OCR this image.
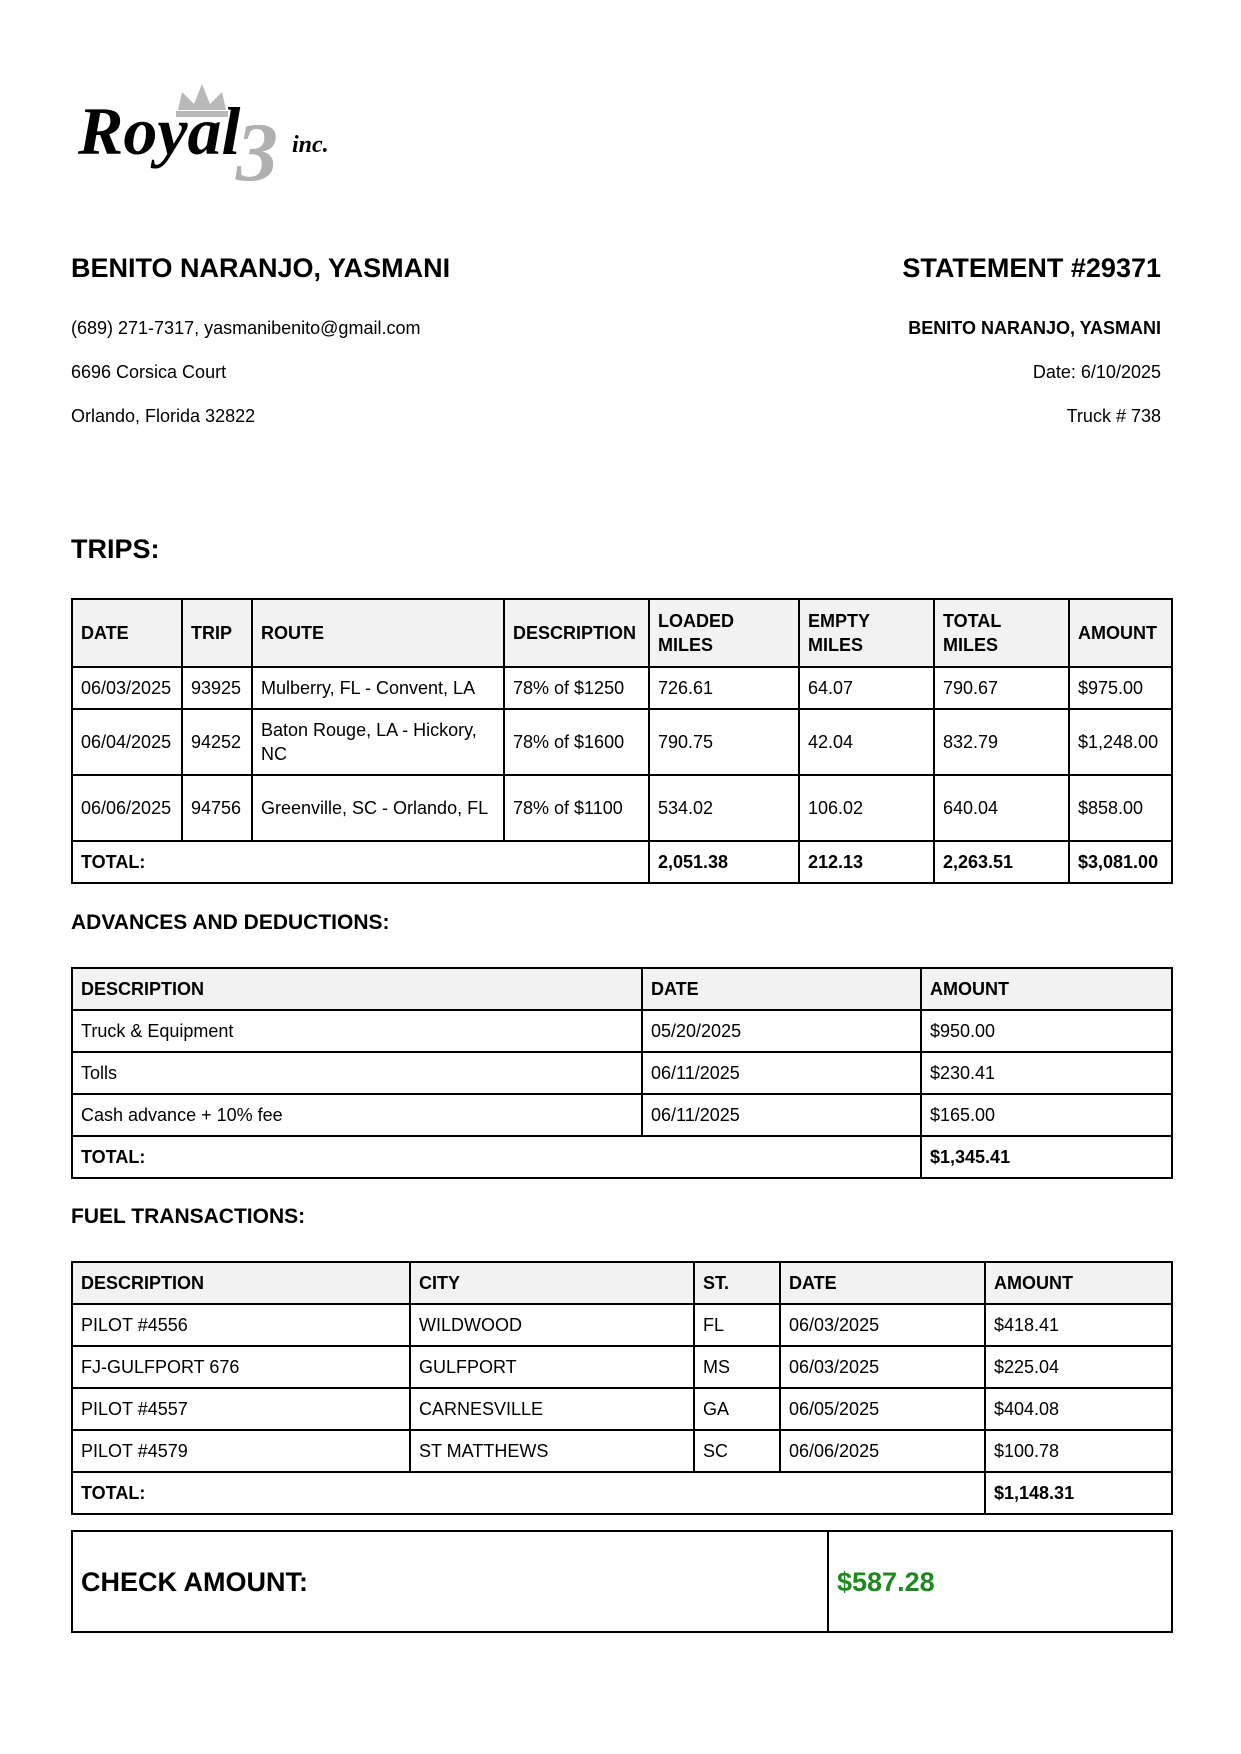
3
Royal inc.
BENITO NARANJO, YASMANI
(689) 271-7317, yasmanibenito@gmail.com
6696 Corsica Court
Orlando, Florida 32822
STATEMENT #29371
BENITO NARANJO, YASMANI
Date: 6/10/2025
Truck # 738
TRIPS:
DATE	TRIP	ROUTE	DESCRIPTION	LOADED MILES	EMPTY MILES	TOTAL MILES	AMOUNT
06/03/2025	93925	Mulberry, FL - Convent, LA	78% of $1250	726.61	64.07	790.67	$975.00
06/04/2025	94252	Baton Rouge, LA - Hickory, NC	78% of $1600	790.75	42.04	832.79	$1,248.00
06/06/2025	94756	Greenville, SC - Orlando, FL	78% of $1100	534.02	106.02	640.04	$858.00
TOTAL:				2,051.38	212.13	2,263.51	$3,081.00
ADVANCES AND DEDUCTIONS:
DESCRIPTION	DATE	AMOUNT
Truck & Equipment	05/20/2025	$950.00
Tolls	06/11/2025	$230.41
Cash advance + 10% fee	06/11/2025	$165.00
TOTAL:		$1,345.41
FUEL TRANSACTIONS:
DESCRIPTION	CITY	ST.	DATE	AMOUNT
PILOT #4556	WILDWOOD	FL	06/03/2025	$418.41
FJ-GULFPORT 676	GULFPORT	MS	06/03/2025	$225.04
PILOT #4557	CARNESVILLE	GA	06/05/2025	$404.08
PILOT #4579	ST MATTHEWS	SC	06/06/2025	$100.78
TOTAL:				$1,148.31
CHECK AMOUNT:	$587.28
